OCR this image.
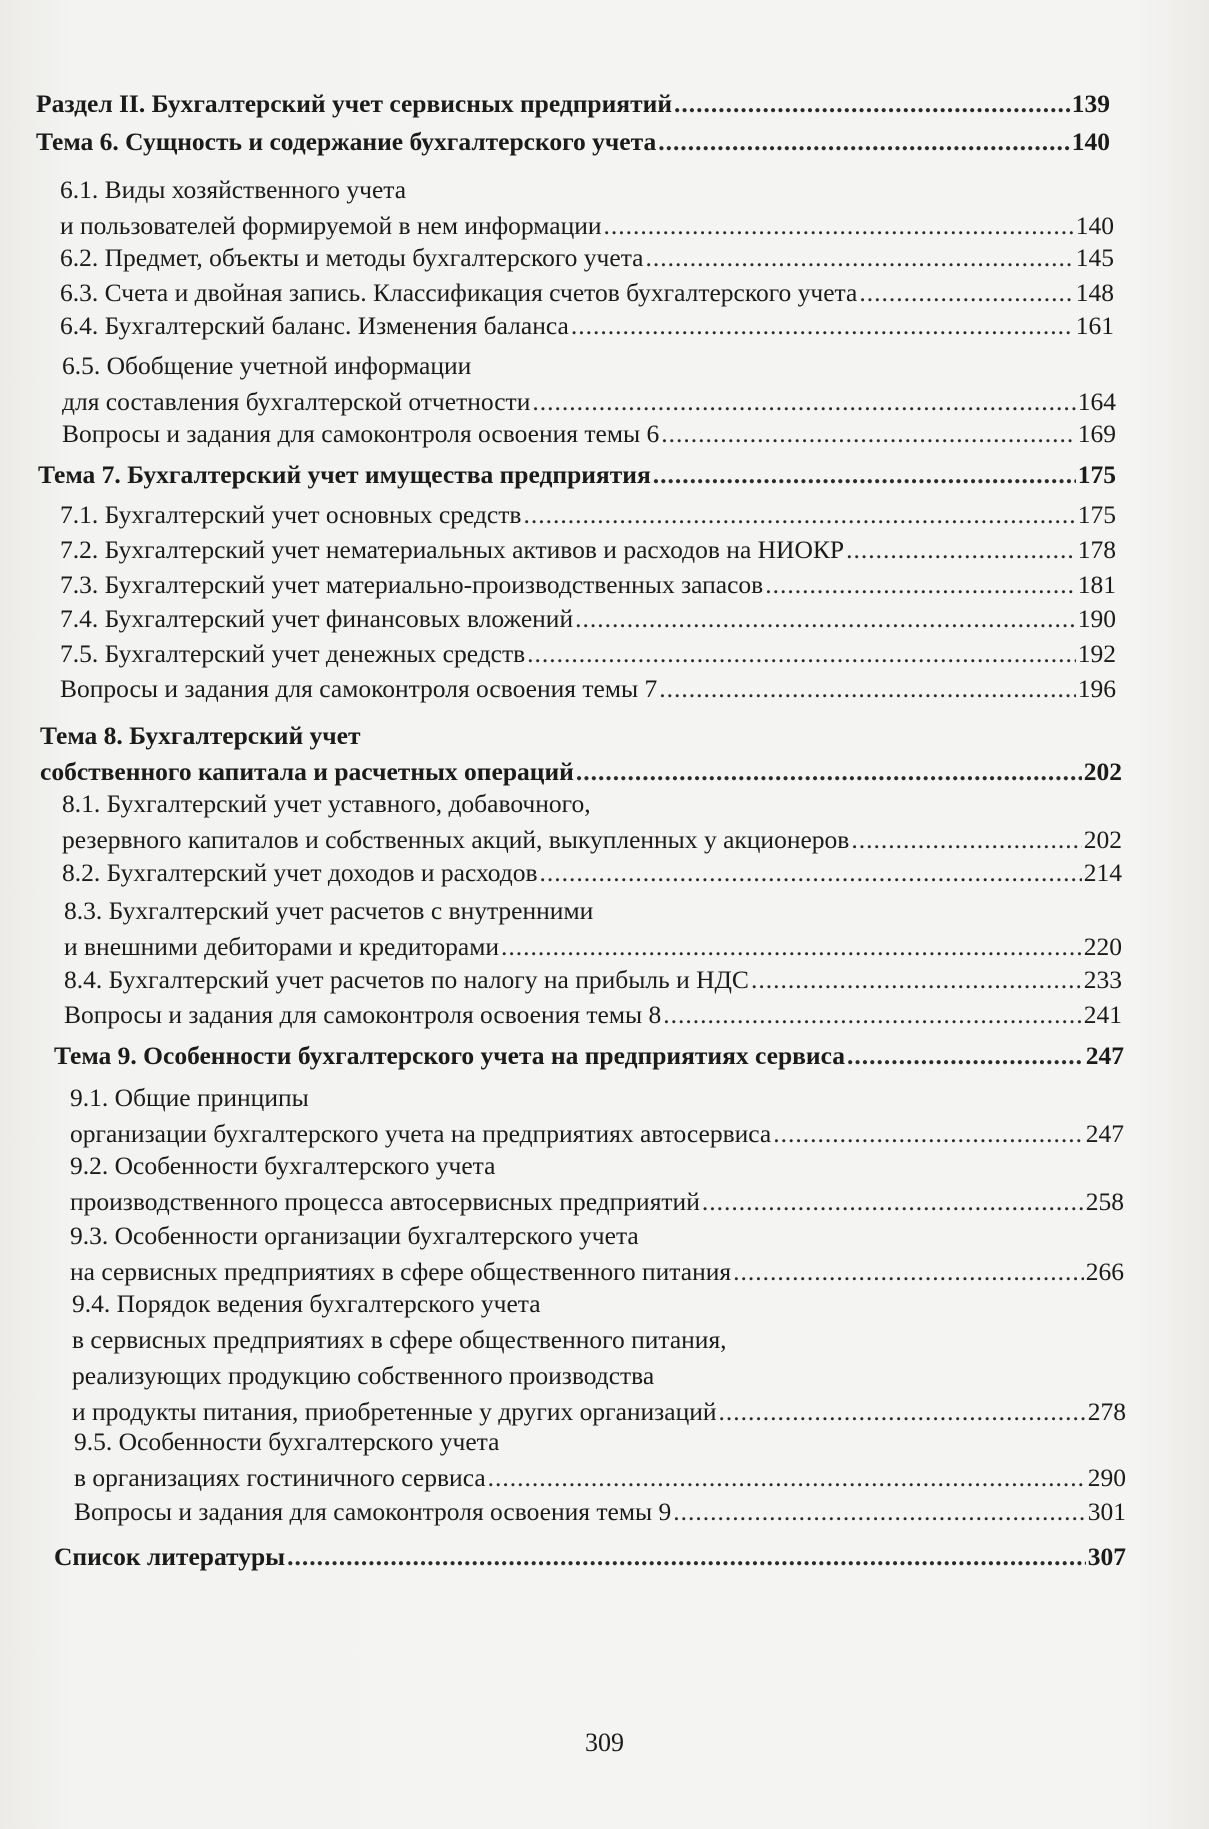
Раздел II. Бухгалтерский учет сервисных предприятий .....	139
Тема 6. Сущность и содержание бухгалтерского учета .....	140
6.1. Виды хозяйственного учета
и пользователей формируемой в нем информации .....	140
6.2. Предмет, объекты и методы бухгалтерского учета .....	145
6.3. Счета и двойная запись. Классификация счетов бухгалтерского учета .....	148
6.4. Бухгалтерский баланс. Изменения баланса .....	161
6.5. Обобщение учетной информации
для составления бухгалтерской отчетности .....	164
Вопросы и задания для самоконтроля освоения темы 6 .....	169
Тема 7. Бухгалтерский учет имущества предприятия .....	175
7.1. Бухгалтерский учет основных средств .....	175
7.2. Бухгалтерский учет нематериальных активов и расходов на НИОКР .....	178
7.3. Бухгалтерский учет материально-производственных запасов .....	181
7.4. Бухгалтерский учет финансовых вложений .....	190
7.5. Бухгалтерский учет денежных средств .....	192
Вопросы и задания для самоконтроля освоения темы 7 .....	196
Тема 8. Бухгалтерский учет
собственного капитала и расчетных операций .....	202
8.1. Бухгалтерский учет уставного, добавочного,
резервного капиталов и собственных акций, выкупленных у акционеров .....	202
8.2. Бухгалтерский учет доходов и расходов .....	214
8.3. Бухгалтерский учет расчетов с внутренними
и внешними дебиторами и кредиторами .....	220
8.4. Бухгалтерский учет расчетов по налогу на прибыль и НДС .....	233
Вопросы и задания для самоконтроля освоения темы 8 .....	241
Тема 9. Особенности бухгалтерского учета на предприятиях сервиса .....	247
9.1. Общие принципы
организации бухгалтерского учета на предприятиях автосервиса .....	247
9.2. Особенности бухгалтерского учета
производственного процесса автосервисных предприятий .....	258
9.3. Особенности организации бухгалтерского учета
на сервисных предприятиях в сфере общественного питания .....	266
9.4. Порядок ведения бухгалтерского учета
в сервисных предприятиях в сфере общественного питания,
реализующих продукцию собственного производства
и продукты питания, приобретенные у других организаций .....	278
9.5. Особенности бухгалтерского учета
в организациях гостиничного сервиса .....	290
Вопросы и задания для самоконтроля освоения темы 9 .....	301
Список литературы .....	307
309
